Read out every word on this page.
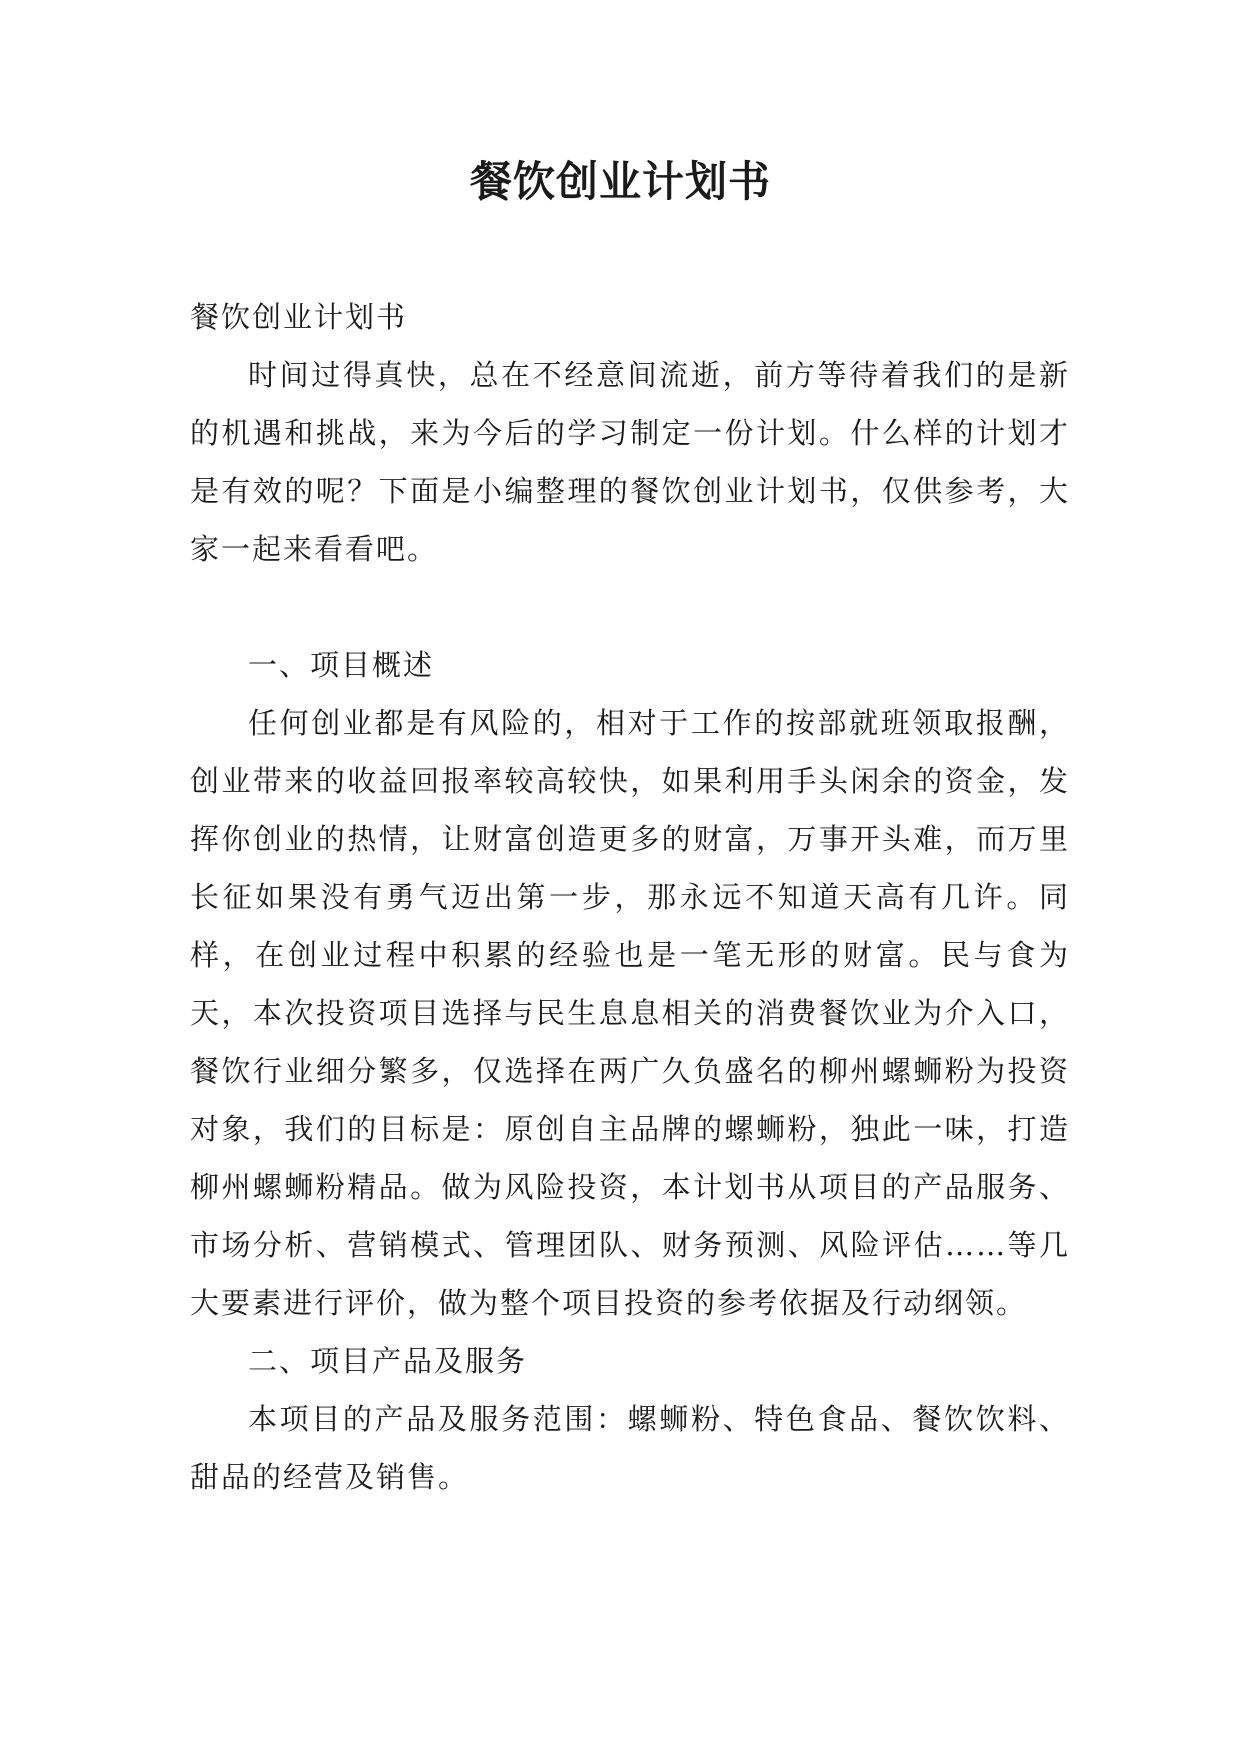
餐饮创业计划书

餐饮创业计划书

时间过得真快，总在不经意间流逝，前方等待着我们的是新的机遇和挑战，来为今后的学习制定一份计划。什么样的计划才是有效的呢？下面是小编整理的餐饮创业计划书，仅供参考，大家一起来看看吧。

一、项目概述

任何创业都是有风险的，相对于工作的按部就班领取报酬，创业带来的收益回报率较高较快，如果利用手头闲余的资金，发挥你创业的热情，让财富创造更多的财富，万事开头难，而万里长征如果没有勇气迈出第一步，那永远不知道天高有几许。同样，在创业过程中积累的经验也是一笔无形的财富。民与食为天，本次投资项目选择与民生息息相关的消费餐饮业为介入口，餐饮行业细分繁多，仅选择在两广久负盛名的柳州螺蛳粉为投资对象，我们的目标是：原创自主品牌的螺蛳粉，独此一味，打造柳州螺蛳粉精品。做为风险投资，本计划书从项目的产品服务、市场分析、营销模式、管理团队、财务预测、风险评估……等几大要素进行评价，做为整个项目投资的参考依据及行动纲领。

二、项目产品及服务

本项目的产品及服务范围：螺蛳粉、特色食品、餐饮饮料、甜品的经营及销售。
